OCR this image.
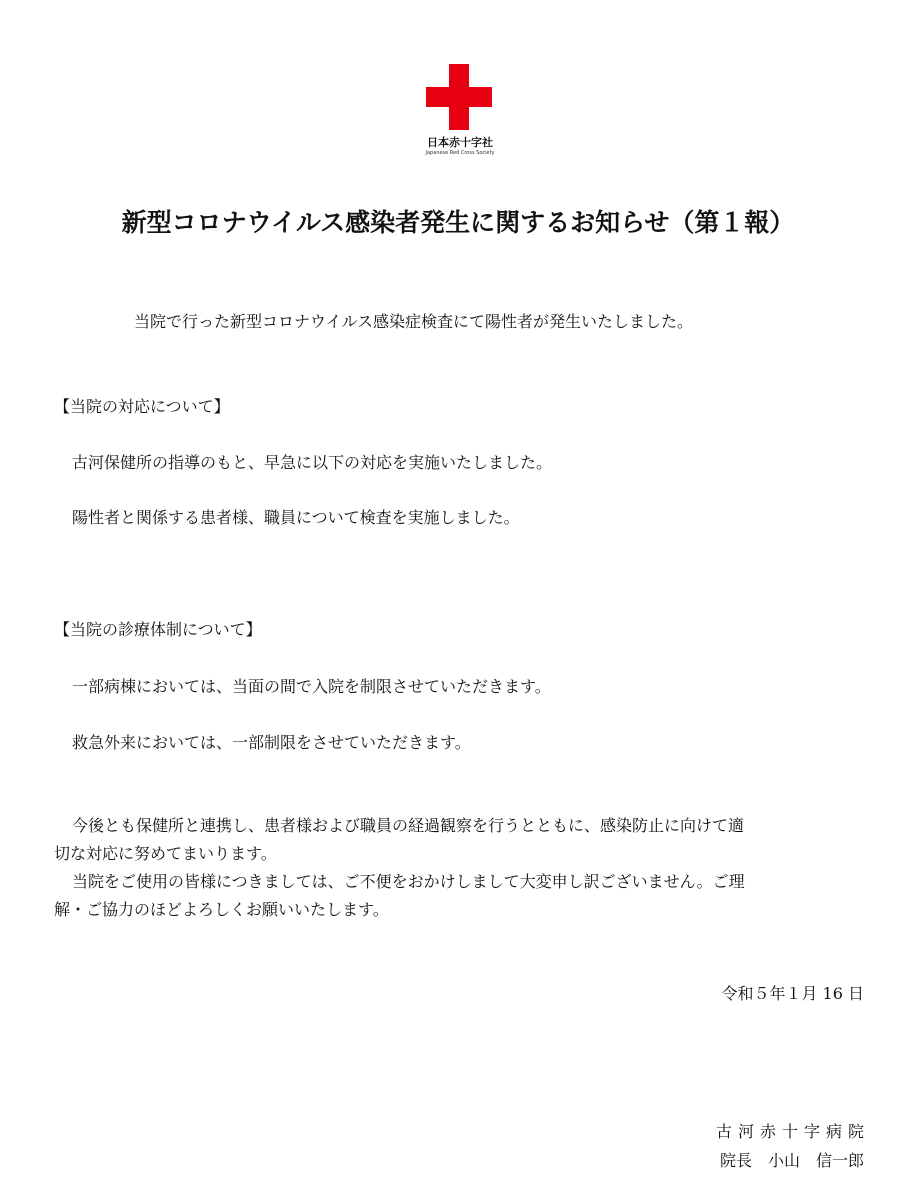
日本赤十字社
Japanese Red Cross Society
新型コロナウイルス感染者発生に関するお知らせ（第１報）
当院で行った新型コロナウイルス感染症検査にて陽性者が発生いたしました。
【当院の対応について】
古河保健所の指導のもと、早急に以下の対応を実施いたしました。
陽性者と関係する患者様、職員について検査を実施しました。
【当院の診療体制について】
一部病棟においては、当面の間で入院を制限させていただきます。
救急外来においては、一部制限をさせていただきます。
今後とも保健所と連携し、患者様および職員の経過観察を行うとともに、感染防止に向けて適
切な対応に努めてまいります。
当院をご使用の皆様につきましては、ご不便をおかけしまして大変申し訳ございません。ご理
解・ご協力のほどよろしくお願いいたします。
令和５年１月 16 日
古河赤十字病院
院長　小山　信一郎
